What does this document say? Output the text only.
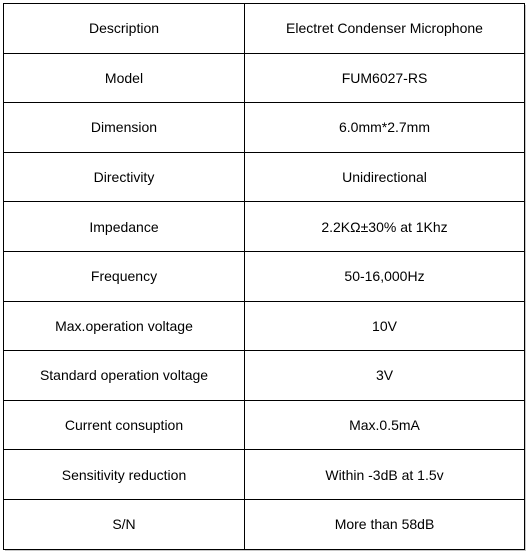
Description	Electret Condenser Microphone
Model	FUM6027-RS
Dimension	6.0mm*2.7mm
Directivity	Unidirectional
Impedance	2.2KΩ±30% at 1Khz
Frequency	50-16,000Hz
Max.operation voltage	10V
Standard operation voltage	3V
Current consuption	Max.0.5mA
Sensitivity reduction	Within -3dB at 1.5v
S/N	More than 58dB
